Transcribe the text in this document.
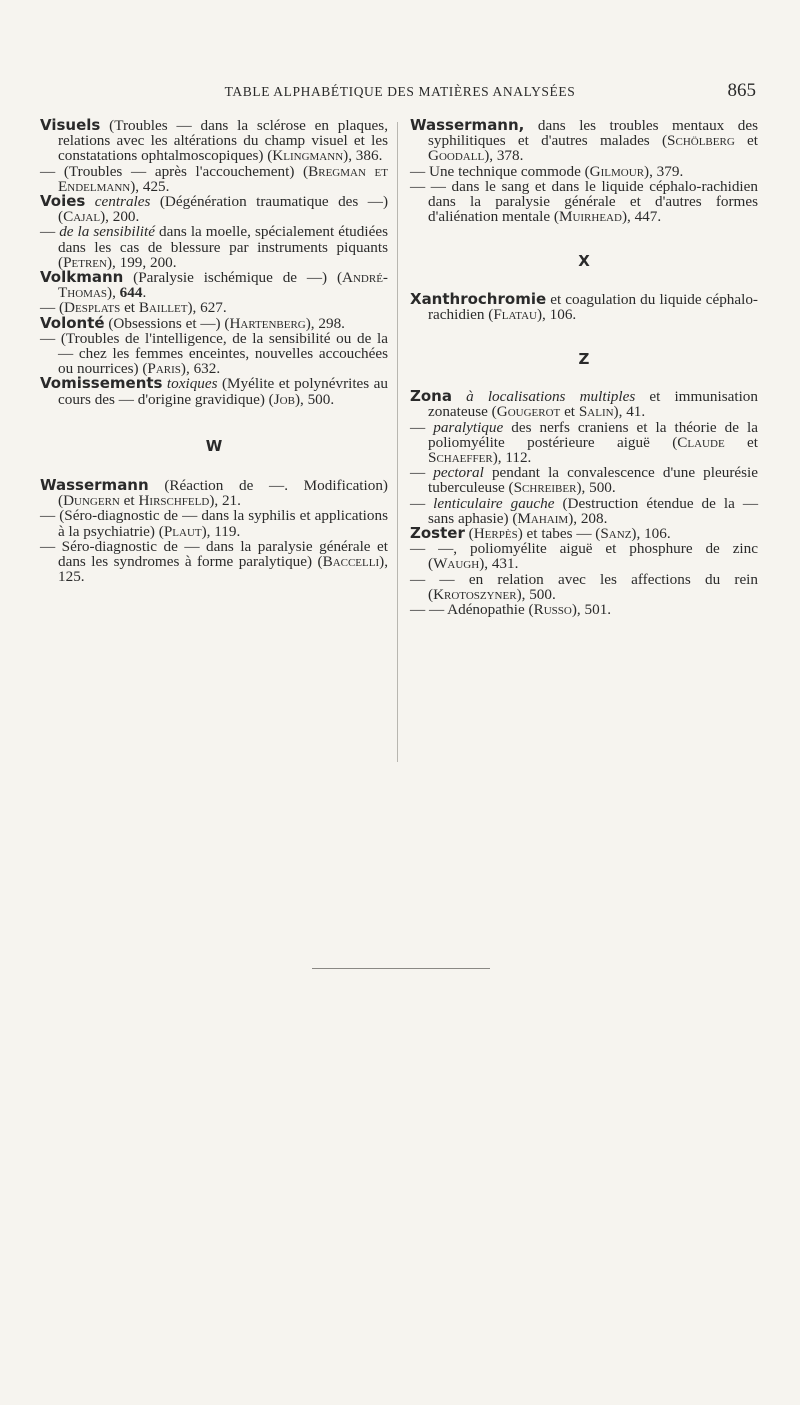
TABLE ALPHABÉTIQUE DES MATIÈRES ANALYSÉES	865

Visuels (Troubles — dans la sclérose en plaques, relations avec les altérations du champ visuel et les constatations ophtalmoscopiques) (Klingmann), 386.

— (Troubles — après l'accouchement) (Bregman et Endelmann), 425.

Voies centrales (Dégénération traumatique des —) (Cajal), 200.

— de la sensibilité dans la moelle, spécialement étudiées dans les cas de blessure par instruments piquants (Petren), 199, 200.

Volkmann (Paralysie ischémique de —) (André-Thomas), 644.

— (Desplats et Baillet), 627.

Volonté (Obsessions et —) (Hartenberg), 298.

— (Troubles de l'intelligence, de la sensibilité ou de la — chez les femmes enceintes, nouvelles accouchées ou nourrices) (Paris), 632.

Vomissements toxiques (Myélite et polynévrites au cours des — d'origine gravidique) (Job), 500.

W

Wassermann (Réaction de —. Modification) (Dungern et Hirschfeld), 21.

— (Séro-diagnostic de — dans la syphilis et applications à la psychiatrie) (Plaut), 119.

— Séro-diagnostic de — dans la paralysie générale et dans les syndromes à forme paralytique) (Baccelli), 125.

Wassermann, dans les troubles mentaux des syphilitiques et d'autres malades (Schölberg et Goodall), 378.

— Une technique commode (Gilmour), 379.

— — dans le sang et dans le liquide céphalo-rachidien dans la paralysie générale et d'autres formes d'aliénation mentale (Muirhead), 447.

X

Xanthrochromie et coagulation du liquide céphalo-rachidien (Flatau), 106.

Z

Zona à localisations multiples et immunisation zonateuse (Gougerot et Salin), 41.

— paralytique des nerfs craniens et la théorie de la poliomyélite postérieure aiguë (Claude et Schaeffer), 112.

— pectoral pendant la convalescence d'une pleurésie tuberculeuse (Schreiber), 500.

— lenticulaire gauche (Destruction étendue de la — sans aphasie) (Mahaim), 208.

Zoster (Herpès) et tabes — (Sanz), 106.

— —, poliomyélite aiguë et phosphure de zinc (Waugh), 431.

— — en relation avec les affections du rein (Krotoszyner), 500.

— — Adénopathie (Russo), 501.
